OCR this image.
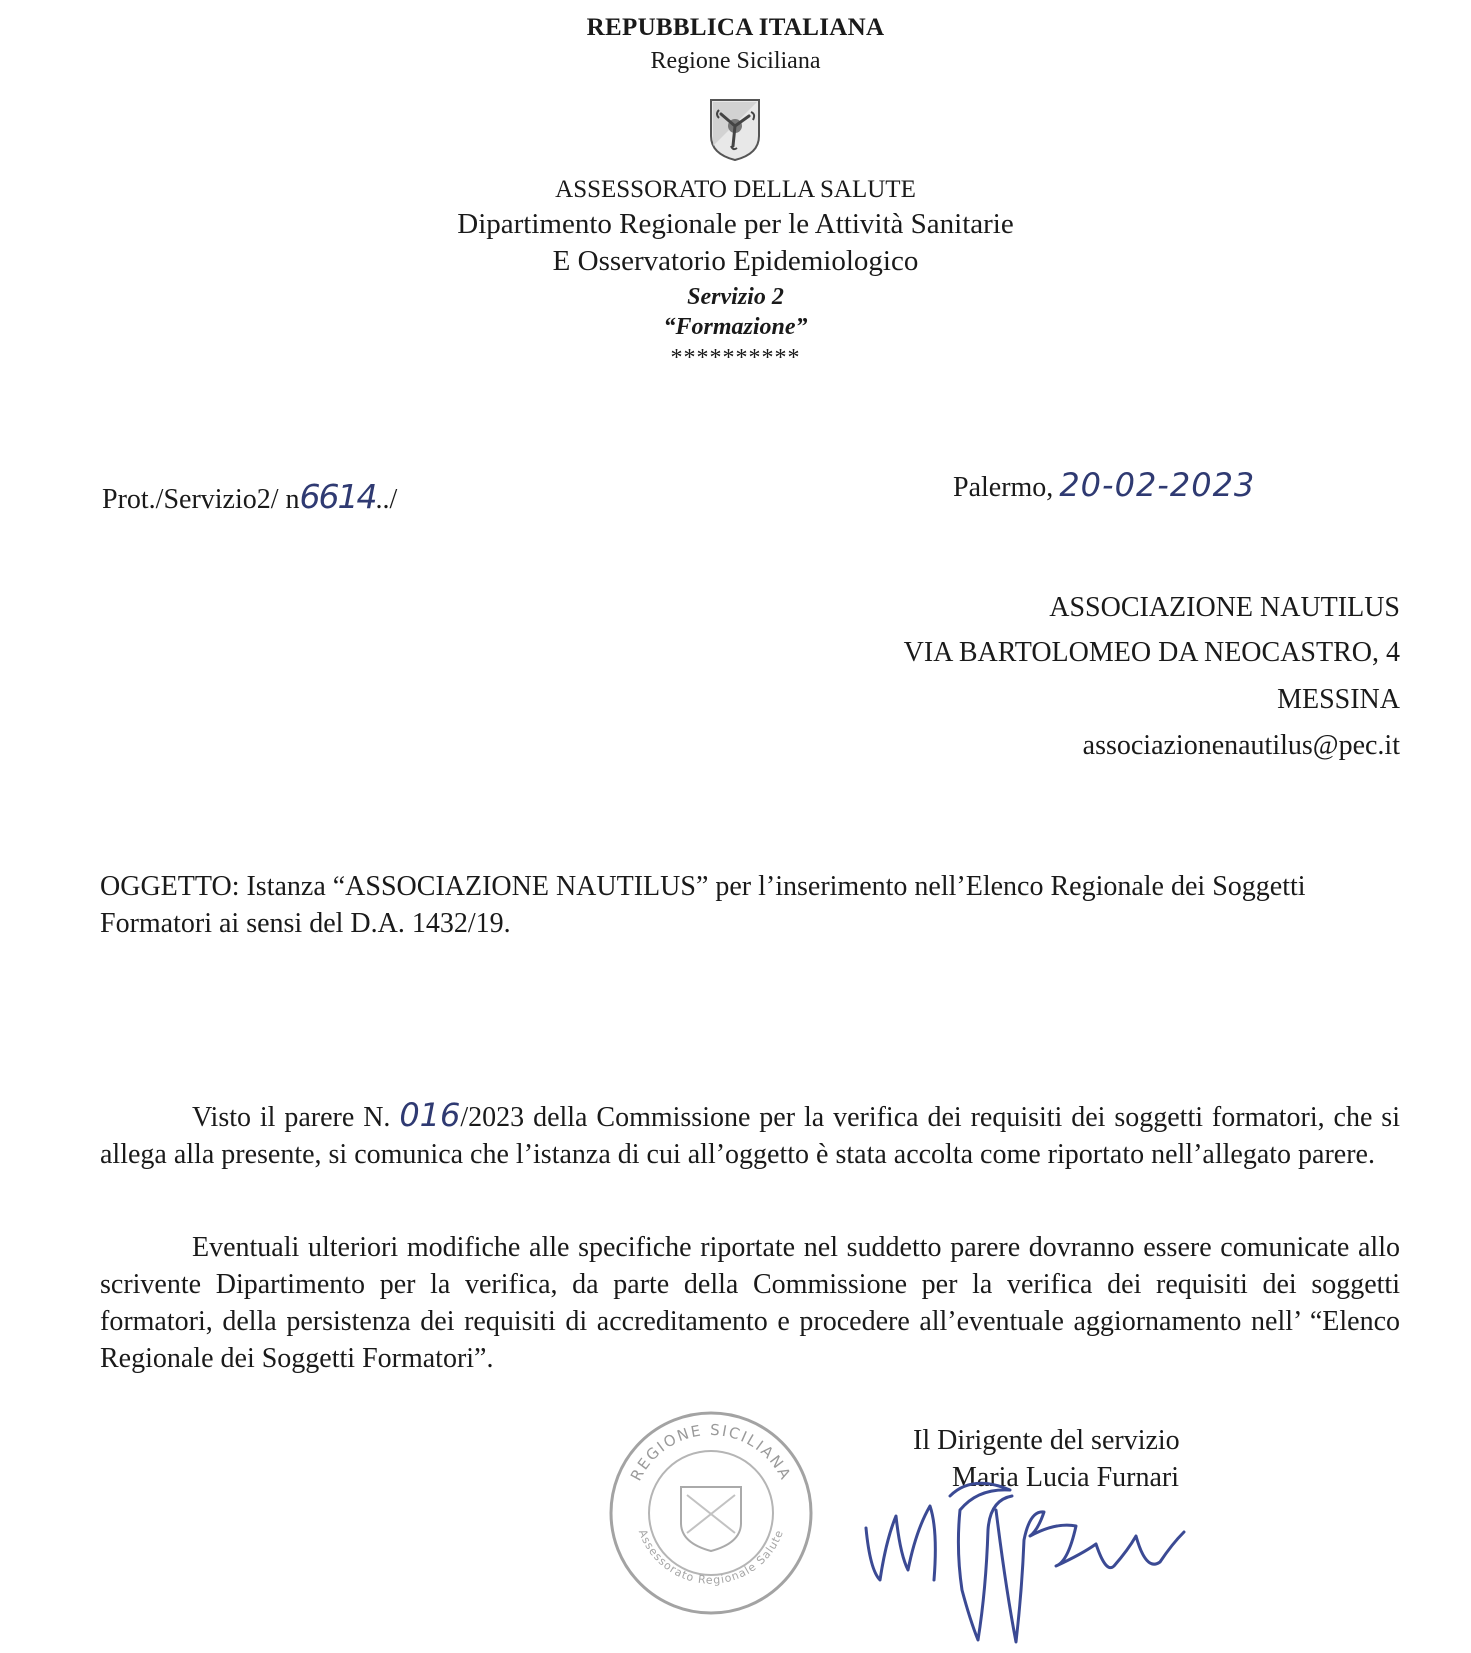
REPUBBLICA ITALIANA
Regione Siciliana
ASSESSORATO DELLA SALUTE
Dipartimento Regionale per le Attività Sanitarie
E Osservatorio Epidemiologico
Servizio 2
“Formazione”
**********
Prot./Servizio2/ n6614../	Palermo, 20-02-2023
ASSOCIAZIONE NAUTILUS
VIA BARTOLOMEO DA NEOCASTRO, 4
MESSINA
associazionenautilus@pec.it
OGGETTO: Istanza “ASSOCIAZIONE NAUTILUS” per l’inserimento nell’Elenco Regionale dei Soggetti Formatori ai sensi del D.A. 1432/19.
Visto il parere N. 016/2023 della Commissione per la verifica dei requisiti dei soggetti formatori, che si allega alla presente, si comunica che l’istanza di cui all’oggetto è stata accolta come riportato nell’allegato parere.
Eventuali ulteriori modifiche alle specifiche riportate nel suddetto parere dovranno essere comunicate allo scrivente Dipartimento per la verifica, da parte della Commissione per la verifica dei requisiti dei soggetti formatori, della persistenza dei requisiti di accreditamento e procedere all’eventuale aggiornamento nell’ “Elenco Regionale dei Soggetti Formatori”.
Il Dirigente del servizio
Maria Lucia Furnari
REGIONE SICILIANA
Assessorato Regionale Salute
